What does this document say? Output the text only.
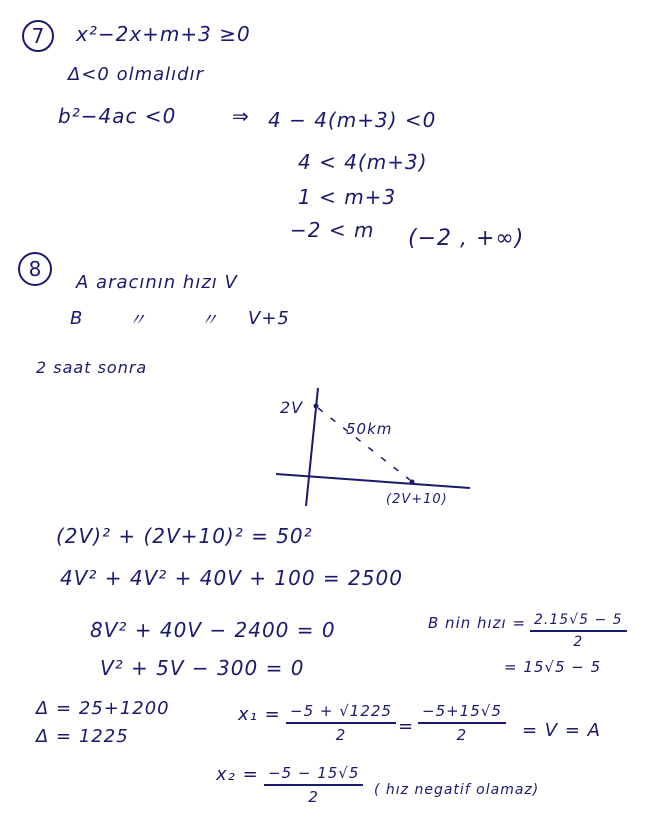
7	x²−2x+m+3 ≥0
Δ<0 olmalıdır
b²−4ac <0	⇒ 4 − 4(m+3) <0
4 < 4(m+3)
1 < m+3
−2 < m (−2 , +∞)
8
A aracının hızı V
B 〃	〃 V+5
2 saat sonra
2V
50km
(2V+10)
(2V)² + (2V+10)² = 50²
4V² + 4V² + 40V + 100 = 2500
8V² + 40V − 2400 = 0
V² + 5V − 300 = 0
B nin hızı = $\frac{2.15√5 - 5}{2}$
= 15√5 − 5
Δ = 25+1200
Δ = 1225
$x_1 = \frac{-5 + √1225}{2} = \frac{-5+15√5}{2} = V = A$
$x_2 = \frac{-5 - 15√5}{2}$ ( hız negatif olamaz)
